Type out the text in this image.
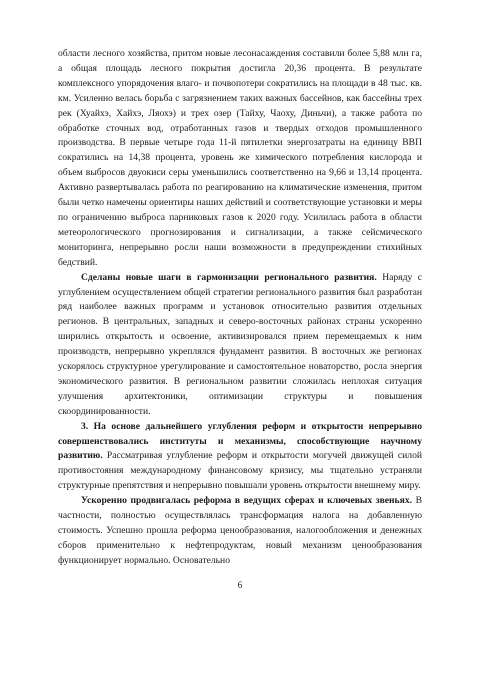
области лесного хозяйства, притом новые лесонасаждения составили более 5,88 млн га, а общая площадь лесного покрытия достигла 20,36 процента. В результате комплексного упорядочения влаго- и почвопотери сократились на площади в 48 тыс. кв. км. Усиленно велась борьба с загрязнением таких важных бассейнов, как бассейны трех рек (Хуайхэ, Хайхэ, Ляохэ) и трех озер (Тайху, Чаоху, Диньчи), а также работа по обработке сточных вод, отработанных газов и твердых отходов промышленного производства. В первые четыре года 11-й пятилетки энергозатраты на единицу ВВП сократились на 14,38 процента, уровень же химического потребления кислорода и объем выбросов двуокиси серы уменьшились соответственно на 9,66 и 13,14 процента. Активно развертывалась работа по реагированию на климатические изменения, притом были четко намечены ориентиры наших действий и соответствующие установки и меры по ограничению выброса парниковых газов к 2020 году. Усилилась работа в области метеорологического прогнозирования и сигнализации, а также сейсмического мониторинга, непрерывно росли наши возможности в предупреждении стихийных бедствий.

Сделаны новые шаги в гармонизации регионального развития. Наряду с углублением осуществлением общей стратегии регионального развития был разработан ряд наиболее важных программ и установок относительно развития отдельных регионов. В центральных, западных и северо-восточных районах страны ускоренно ширились открытость и освоение, активизировался прием перемещаемых к ним производств, непрерывно укреплялся фундамент развития. В восточных же регионах ускорялось структурное урегулирование и самостоятельное новаторство, росла энергия экономического развития. В региональном развитии сложилась неплохая ситуация улучшения архитектоники, оптимизации структуры и повышения скоординированности.

3. На основе дальнейшего углубления реформ и открытости непрерывно совершенствовались институты и механизмы, способствующие научному развитию. Рассматривая углубление реформ и открытости могучей движущей силой противостояния международному финансовому кризису, мы тщательно устраняли структурные препятствия и непрерывно повышали уровень открытости внешнему миру.

Ускоренно продвигалась реформа в ведущих сферах и ключевых звеньях. В частности, полностью осуществлялась трансформация налога на добавленную стоимость. Успешно прошла реформа ценообразования, налогообложения и денежных сборов применительно к нефтепродуктам, новый механизм ценообразования функционирует нормально. Основательно

6
